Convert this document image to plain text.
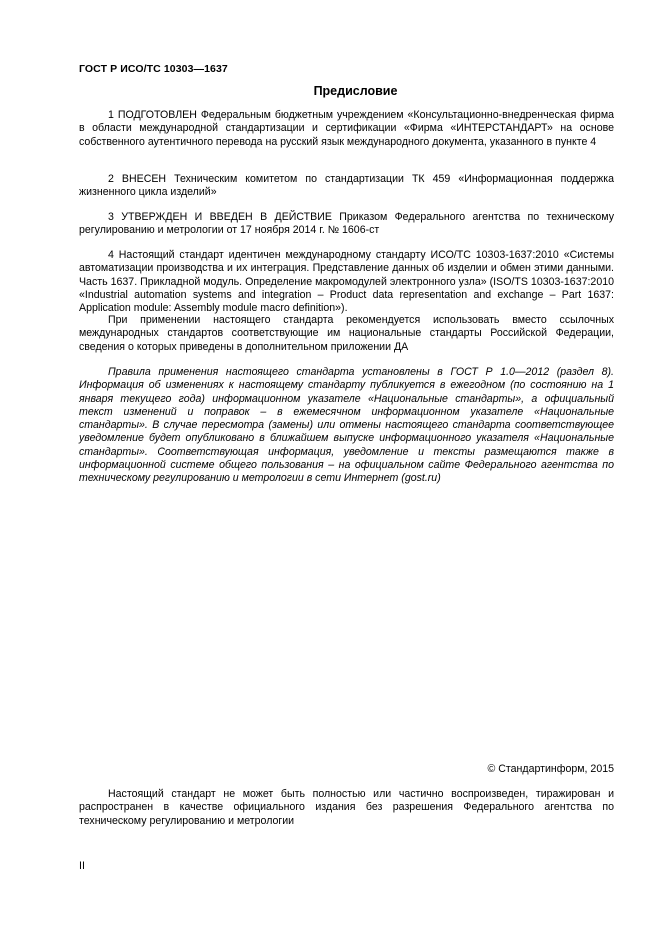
ГОСТ Р ИСО/ТС 10303—1637
Предисловие

1 ПОДГОТОВЛЕН Федеральным бюджетным учреждением «Консультационно-внедренческая фирма в области международной стандартизации и сертификации «Фирма «ИНТЕРСТАНДАРТ» на основе собственного аутентичного перевода на русский язык международного документа, указанного в пункте 4

2 ВНЕСЕН Техническим комитетом по стандартизации ТК 459 «Информационная поддержка жизненного цикла изделий»

3 УТВЕРЖДЕН И ВВЕДЕН В ДЕЙСТВИЕ Приказом Федерального агентства по техническому регулированию и метрологии от 17 ноября 2014 г. № 1606-ст

4 Настоящий стандарт идентичен международному стандарту ИСО/ТС 10303-1637:2010 «Системы автоматизации производства и их интеграция. Представление данных об изделии и обмен этими данными. Часть 1637. Прикладной модуль. Определение макромодулей электронного узла» (ISO/TS 10303-1637:2010 «Industrial automation systems and integration – Product data representation and exchange – Part 1637: Application module: Assembly module macro definition»).

При применении настоящего стандарта рекомендуется использовать вместо ссылочных международных стандартов соответствующие им национальные стандарты Российской Федерации, сведения о которых приведены в дополнительном приложении ДА

Правила применения настоящего стандарта установлены в ГОСТ Р 1.0—2012 (раздел 8). Информация об изменениях к настоящему стандарту публикуется в ежегодном (по состоянию на 1 января текущего года) информационном указателе «Национальные стандарты», а официальный текст изменений и поправок – в ежемесячном информационном указателе «Национальные стандарты». В случае пересмотра (замены) или отмены настоящего стандарта соответствующее уведомление будет опубликовано в ближайшем выпуске информационного указателя «Национальные стандарты». Соответствующая информация, уведомление и тексты размещаются также в информационной системе общего пользования – на официальном сайте Федерального агентства по техническому регулированию и метрологии в сети Интернет (gost.ru)

© Стандартинформ, 2015

Настоящий стандарт не может быть полностью или частично воспроизведен, тиражирован и распространен в качестве официального издания без разрешения Федерального агентства по техническому регулированию и метрологии

II
